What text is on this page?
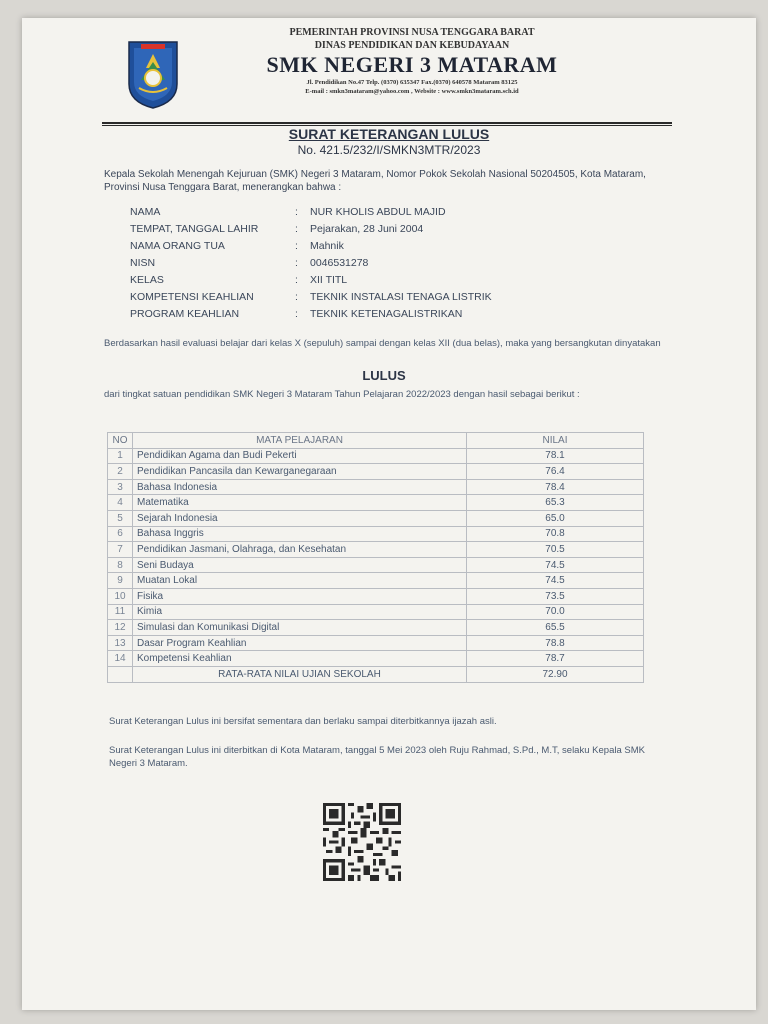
PEMERINTAH PROVINSI NUSA TENGGARA BARAT
DINAS PENDIDIKAN DAN KEBUDAYAAN
SMK NEGERI 3 MATARAM
Jl. Pendidikan No.47 Telp. (0370) 635347 Fax.(0370) 640578 Mataram 83125
E-mail : smkn3mataram@yahoo.com , Website : www.smkn3mataram.sch.id
SURAT KETERANGAN LULUS
No. 421.5/232/I/SMKN3MTR/2023
Kepala Sekolah Menengah Kejuruan (SMK) Negeri 3 Mataram, Nomor Pokok Sekolah Nasional 50204505, Kota Mataram, Provinsi Nusa Tenggara Barat, menerangkan bahwa :
NAMA	:	NUR KHOLIS ABDUL MAJID
TEMPAT, TANGGAL LAHIR	:	Pejarakan, 28 Juni 2004
NAMA ORANG TUA	:	Mahnik
NISN	:	0046531278
KELAS	:	XII TITL
KOMPETENSI KEAHLIAN	:	TEKNIK INSTALASI TENAGA LISTRIK
PROGRAM KEAHLIAN	:	TEKNIK KETENAGALISTRIKAN
Berdasarkan hasil evaluasi belajar dari kelas X (sepuluh) sampai dengan kelas XII (dua belas), maka yang bersangkutan dinyatakan
LULUS
dari tingkat satuan pendidikan SMK Negeri 3 Mataram Tahun Pelajaran 2022/2023 dengan hasil sebagai berikut :
NO	MATA PELAJARAN	NILAI
1	Pendidikan Agama dan Budi Pekerti	78.1
2	Pendidikan Pancasila dan Kewarganegaraan	76.4
3	Bahasa Indonesia	78.4
4	Matematika	65.3
5	Sejarah Indonesia	65.0
6	Bahasa Inggris	70.8
7	Pendidikan Jasmani, Olahraga, dan Kesehatan	70.5
8	Seni Budaya	74.5
9	Muatan Lokal	74.5
10	Fisika	73.5
11	Kimia	70.0
12	Simulasi dan Komunikasi Digital	65.5
13	Dasar Program Keahlian	78.8
14	Kompetensi Keahlian	78.7
	RATA-RATA NILAI UJIAN SEKOLAH	72.90
Surat Keterangan Lulus ini bersifat sementara dan berlaku sampai diterbitkannya ijazah asli.
Surat Keterangan Lulus ini diterbitkan di Kota Mataram, tanggal 5 Mei 2023 oleh Ruju Rahmad, S.Pd., M.T, selaku Kepala SMK Negeri 3 Mataram.
